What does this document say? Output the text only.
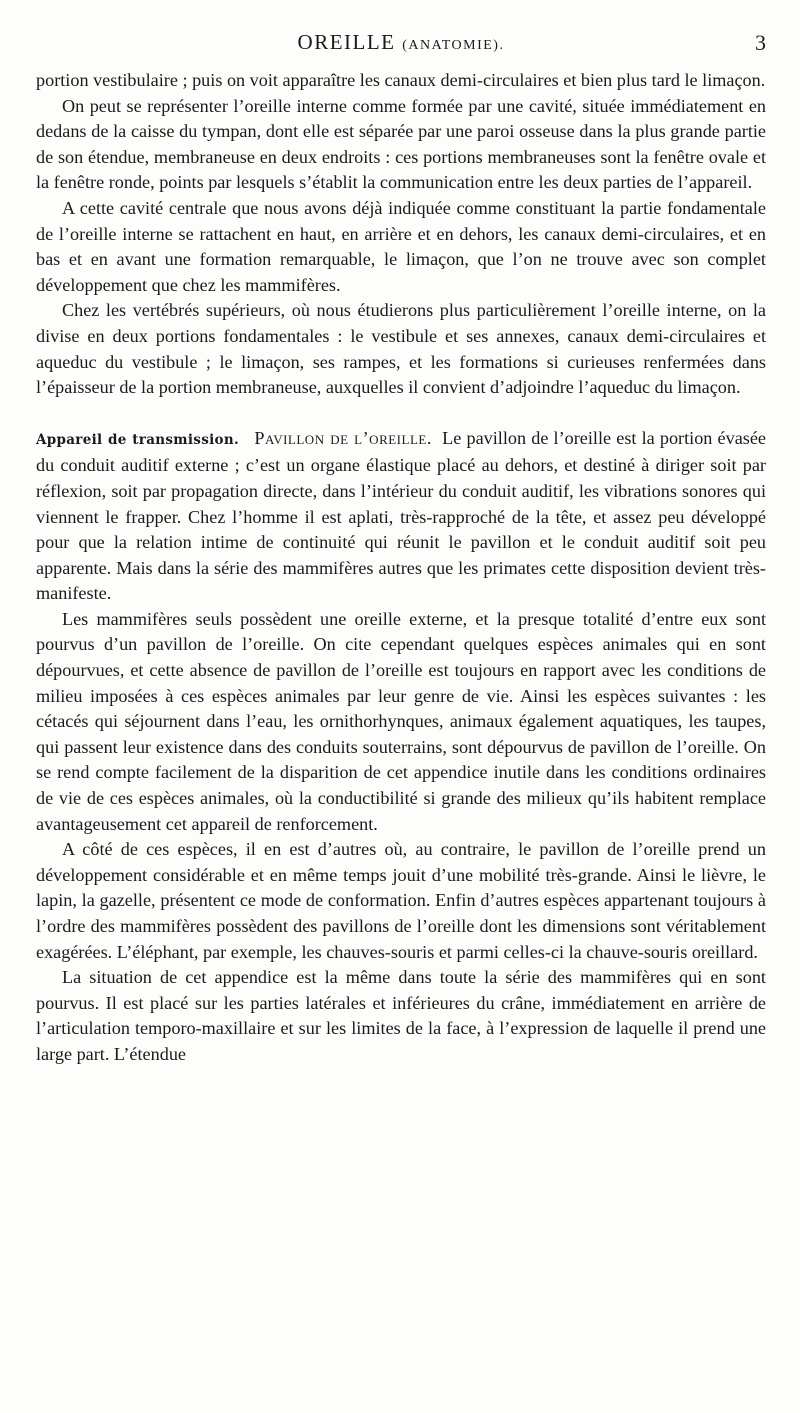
OREILLE (ANATOMIE).	3

portion vestibulaire ; puis on voit apparaître les canaux demi-circulaires et bien plus tard le limaçon.

On peut se représenter l’oreille interne comme formée par une cavité, située immédiatement en dedans de la caisse du tympan, dont elle est séparée par une paroi osseuse dans la plus grande partie de son étendue, membraneuse en deux endroits : ces portions membraneuses sont la fenêtre ovale et la fenêtre ronde, points par lesquels s’établit la communication entre les deux parties de l’appareil.

A cette cavité centrale que nous avons déjà indiquée comme constituant la partie fondamentale de l’oreille interne se rattachent en haut, en arrière et en dehors, les canaux demi-circulaires, et en bas et en avant une formation remarquable, le limaçon, que l’on ne trouve avec son complet développement que chez les mammifères.

Chez les vertébrés supérieurs, où nous étudierons plus particulièrement l’oreille interne, on la divise en deux portions fondamentales : le vestibule et ses annexes, canaux demi-circulaires et aqueduc du vestibule ; le limaçon, ses rampes, et les formations si curieuses renfermées dans l’épaisseur de la portion membraneuse, auxquelles il convient d’adjoindre l’aqueduc du limaçon.

Appareil de transmission. Pavillon de l’oreille. Le pavillon de l’oreille est la portion évasée du conduit auditif externe ; c’est un organe élastique placé au dehors, et destiné à diriger soit par réflexion, soit par propagation directe, dans l’intérieur du conduit auditif, les vibrations sonores qui viennent le frapper. Chez l’homme il est aplati, très-rapproché de la tête, et assez peu développé pour que la relation intime de continuité qui réunit le pavillon et le conduit auditif soit peu apparente. Mais dans la série des mammifères autres que les primates cette disposition devient très-manifeste.

Les mammifères seuls possèdent une oreille externe, et la presque totalité d’entre eux sont pourvus d’un pavillon de l’oreille. On cite cependant quelques espèces animales qui en sont dépourvues, et cette absence de pavillon de l’oreille est toujours en rapport avec les conditions de milieu imposées à ces espèces animales par leur genre de vie. Ainsi les espèces suivantes : les cétacés qui séjournent dans l’eau, les ornithorhynques, animaux également aquatiques, les taupes, qui passent leur existence dans des conduits souterrains, sont dépourvus de pavillon de l’oreille. On se rend compte facilement de la disparition de cet appendice inutile dans les conditions ordinaires de vie de ces espèces animales, où la conductibilité si grande des milieux qu’ils habitent remplace avantageusement cet appareil de renforcement.

A côté de ces espèces, il en est d’autres où, au contraire, le pavillon de l’oreille prend un développement considérable et en même temps jouit d’une mobilité très-grande. Ainsi le lièvre, le lapin, la gazelle, présentent ce mode de conformation. Enfin d’autres espèces appartenant toujours à l’ordre des mammifères possèdent des pavillons de l’oreille dont les dimensions sont véritablement exagérées. L’éléphant, par exemple, les chauves-souris et parmi celles-ci la chauve-souris oreillard.

La situation de cet appendice est la même dans toute la série des mammifères qui en sont pourvus. Il est placé sur les parties latérales et inférieures du crâne, immédiatement en arrière de l’articulation temporo-maxillaire et sur les limites de la face, à l’expression de laquelle il prend une large part. L’étendue
